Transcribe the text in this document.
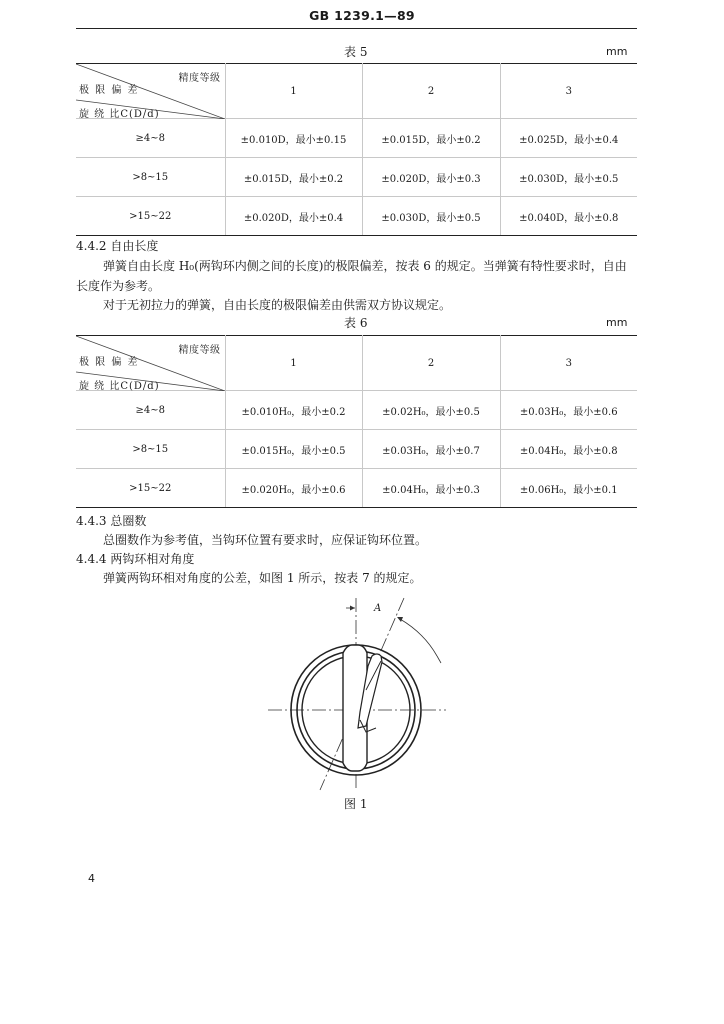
GB 1239.1—89
表 5	mm
精度等级
极 限 偏 差
旋 绕 比C(D/d)	1	2	3
≥4~8	±0.010D，最小±0.15	±0.015D，最小±0.2	±0.025D，最小±0.4
>8~15	±0.015D，最小±0.2	±0.020D，最小±0.3	±0.030D，最小±0.5
>15~22	±0.020D，最小±0.4	±0.030D，最小±0.5	±0.040D，最小±0.8
4.4.2 自由长度
弹簧自由长度 H₀(两钩环内侧之间的长度)的极限偏差，按表 6 的规定。当弹簧有特性要求时，自由
长度作为参考。
对于无初拉力的弹簧，自由长度的极限偏差由供需双方协议规定。
表 6	mm
精度等级
极 限 偏 差
旋 绕 比C(D/d)	1	2	3
≥4~8	±0.010H₀，最小±0.2	±0.02H₀，最小±0.5	±0.03H₀，最小±0.6
>8~15	±0.015H₀，最小±0.5	±0.03H₀，最小±0.7	±0.04H₀，最小±0.8
>15~22	±0.020H₀，最小±0.6	±0.04H₀，最小±0.3	±0.06H₀，最小±0.1
4.4.3 总圈数
总圈数作为参考值，当钩环位置有要求时，应保证钩环位置。
4.4.4 两钩环相对角度
弹簧两钩环相对角度的公差，如图 1 所示，按表 7 的规定。
A
图 1
4
